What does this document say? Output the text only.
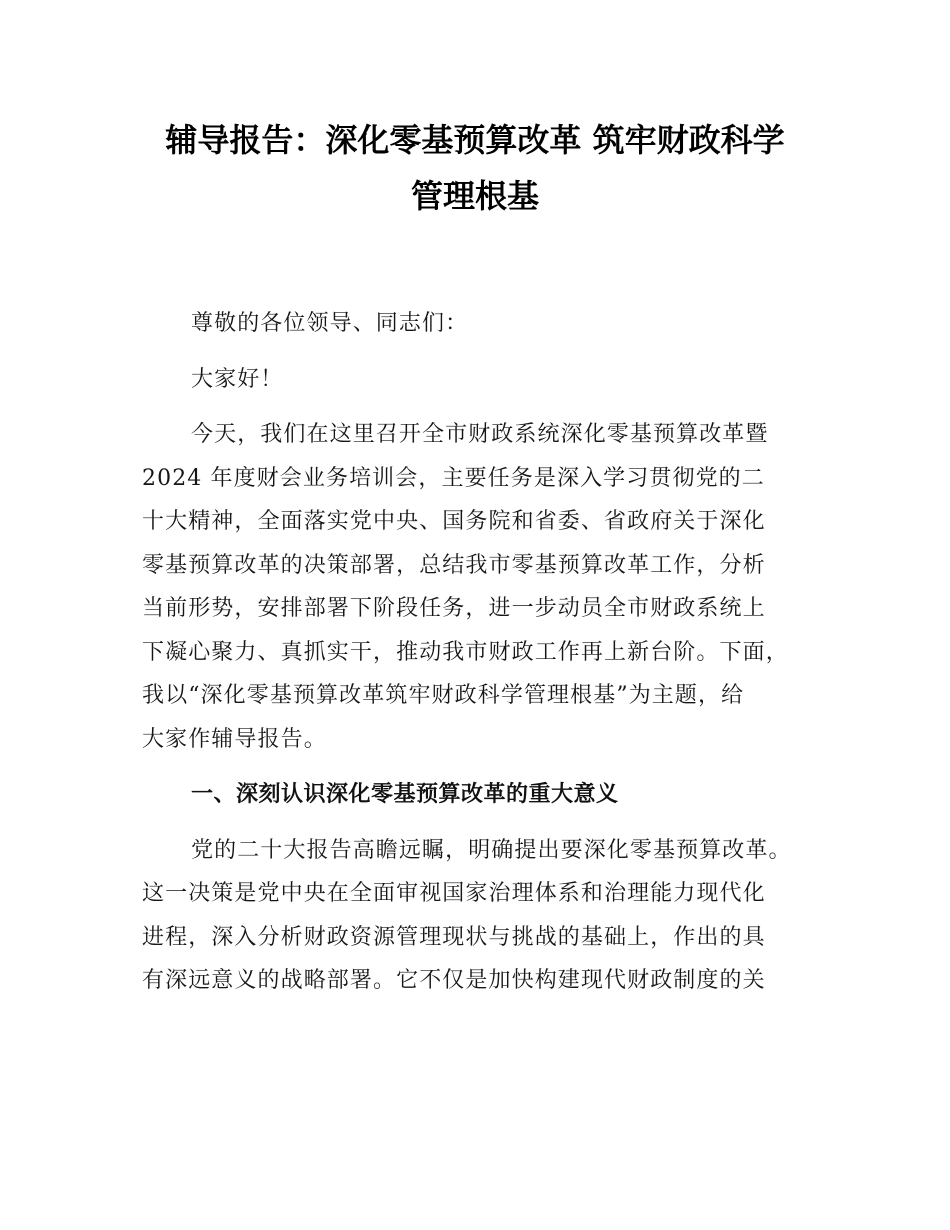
辅导报告：深化零基预算改革 筑牢财政科学
管理根基

尊敬的各位领导、同志们：

大家好！

今天，我们在这里召开全市财政系统深化零基预算改革暨
2024 年度财会业务培训会，主要任务是深入学习贯彻党的二
十大精神，全面落实党中央、国务院和省委、省政府关于深化
零基预算改革的决策部署，总结我市零基预算改革工作，分析
当前形势，安排部署下阶段任务，进一步动员全市财政系统上
下凝心聚力、真抓实干，推动我市财政工作再上新台阶。下面，
我以“深化零基预算改革筑牢财政科学管理根基”为主题，给
大家作辅导报告。

一、深刻认识深化零基预算改革的重大意义

党的二十大报告高瞻远瞩，明确提出要深化零基预算改革。
这一决策是党中央在全面审视国家治理体系和治理能力现代化
进程，深入分析财政资源管理现状与挑战的基础上，作出的具
有深远意义的战略部署。它不仅是加快构建现代财政制度的关
